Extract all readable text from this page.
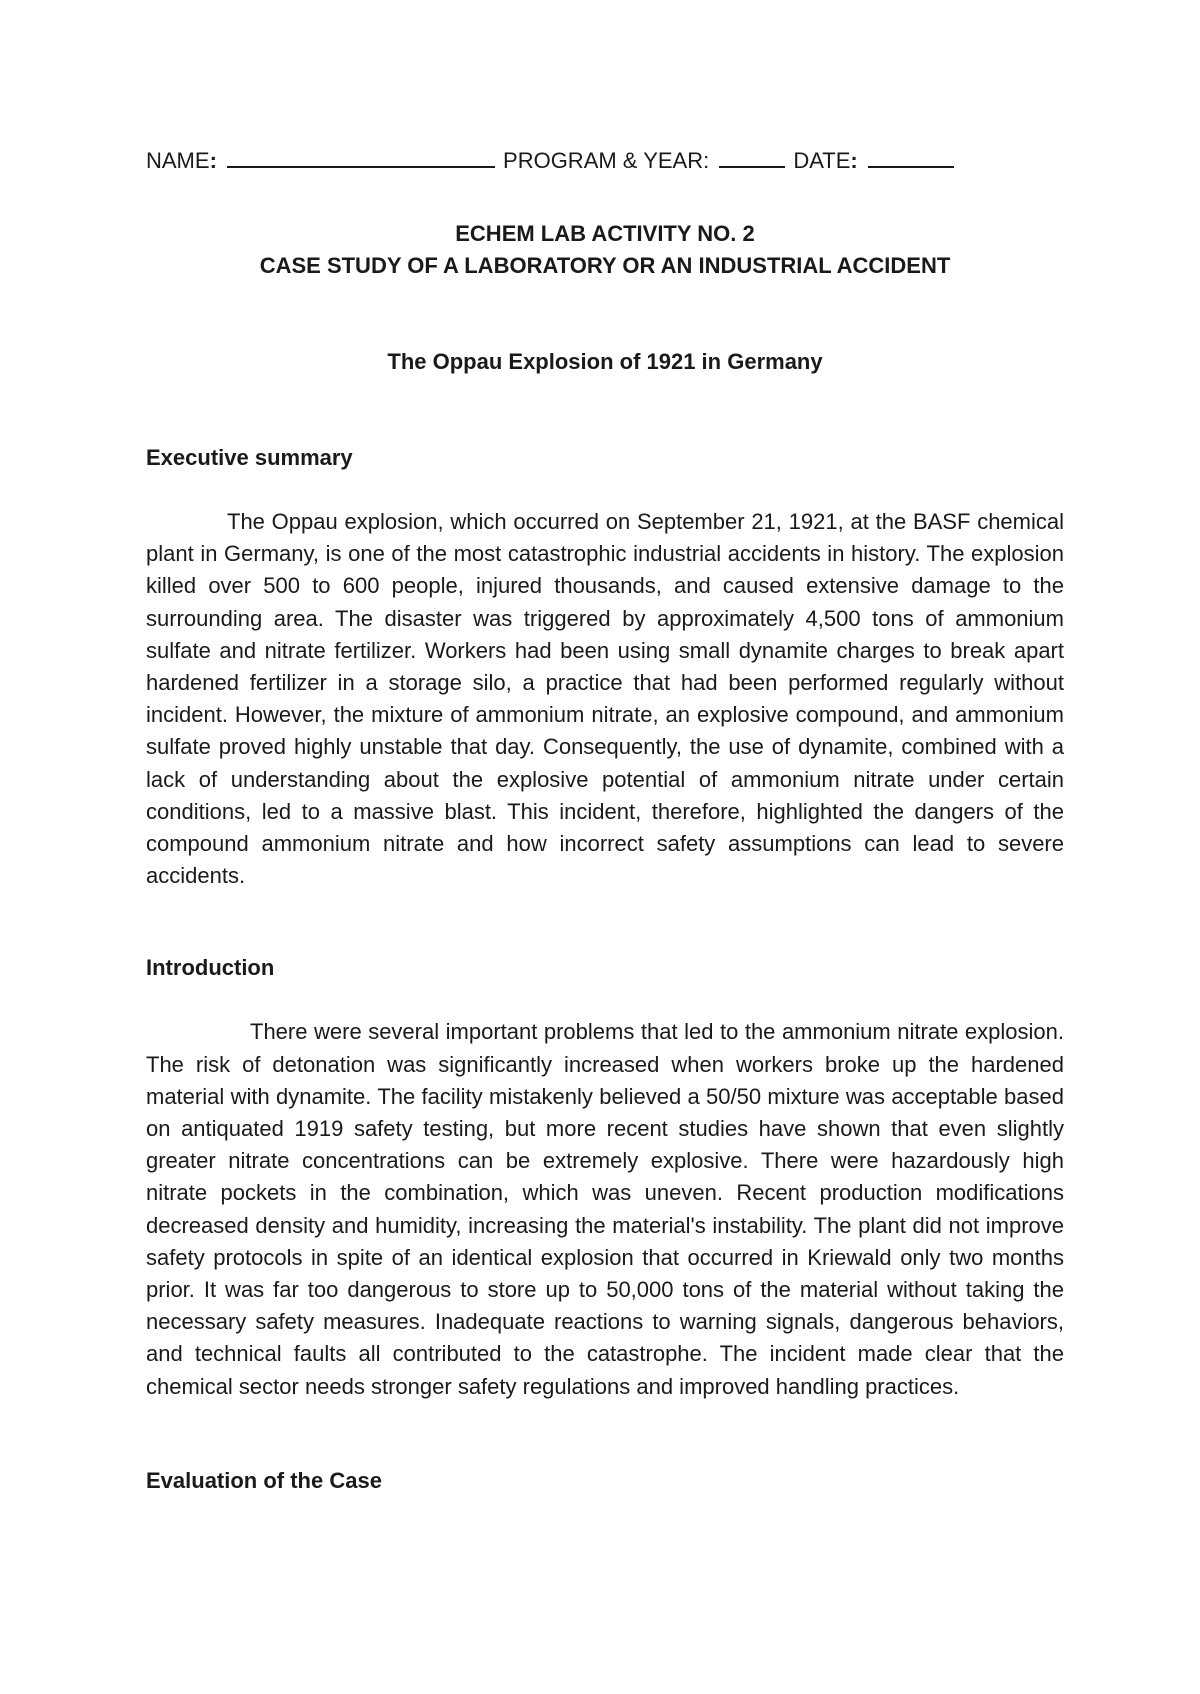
NAME:	PROGRAM & YEAR:	DATE:

ECHEM LAB ACTIVITY NO. 2

CASE STUDY OF A LABORATORY OR AN INDUSTRIAL ACCIDENT

The Oppau Explosion of 1921 in Germany

Executive summary

The Oppau explosion, which occurred on September 21, 1921, at the BASF chemical plant in Germany, is one of the most catastrophic industrial accidents in history. The explosion killed over 500 to 600 people, injured thousands, and caused extensive damage to the surrounding area. The disaster was triggered by approximately 4,500 tons of ammonium sulfate and nitrate fertilizer. Workers had been using small dynamite charges to break apart hardened fertilizer in a storage silo, a practice that had been performed regularly without incident. However, the mixture of ammonium nitrate, an explosive compound, and ammonium sulfate proved highly unstable that day. Consequently, the use of dynamite, combined with a lack of understanding about the explosive potential of ammonium nitrate under certain conditions, led to a massive blast. This incident, therefore, highlighted the dangers of the compound ammonium nitrate and how incorrect safety assumptions can lead to severe accidents.

Introduction

There were several important problems that led to the ammonium nitrate explosion. The risk of detonation was significantly increased when workers broke up the hardened material with dynamite. The facility mistakenly believed a 50/50 mixture was acceptable based on antiquated 1919 safety testing, but more recent studies have shown that even slightly greater nitrate concentrations can be extremely explosive. There were hazardously high nitrate pockets in the combination, which was uneven. Recent production modifications decreased density and humidity, increasing the material's instability. The plant did not improve safety protocols in spite of an identical explosion that occurred in Kriewald only two months prior. It was far too dangerous to store up to 50,000 tons of the material without taking the necessary safety measures. Inadequate reactions to warning signals, dangerous behaviors, and technical faults all contributed to the catastrophe. The incident made clear that the chemical sector needs stronger safety regulations and improved handling practices.

Evaluation of the Case
